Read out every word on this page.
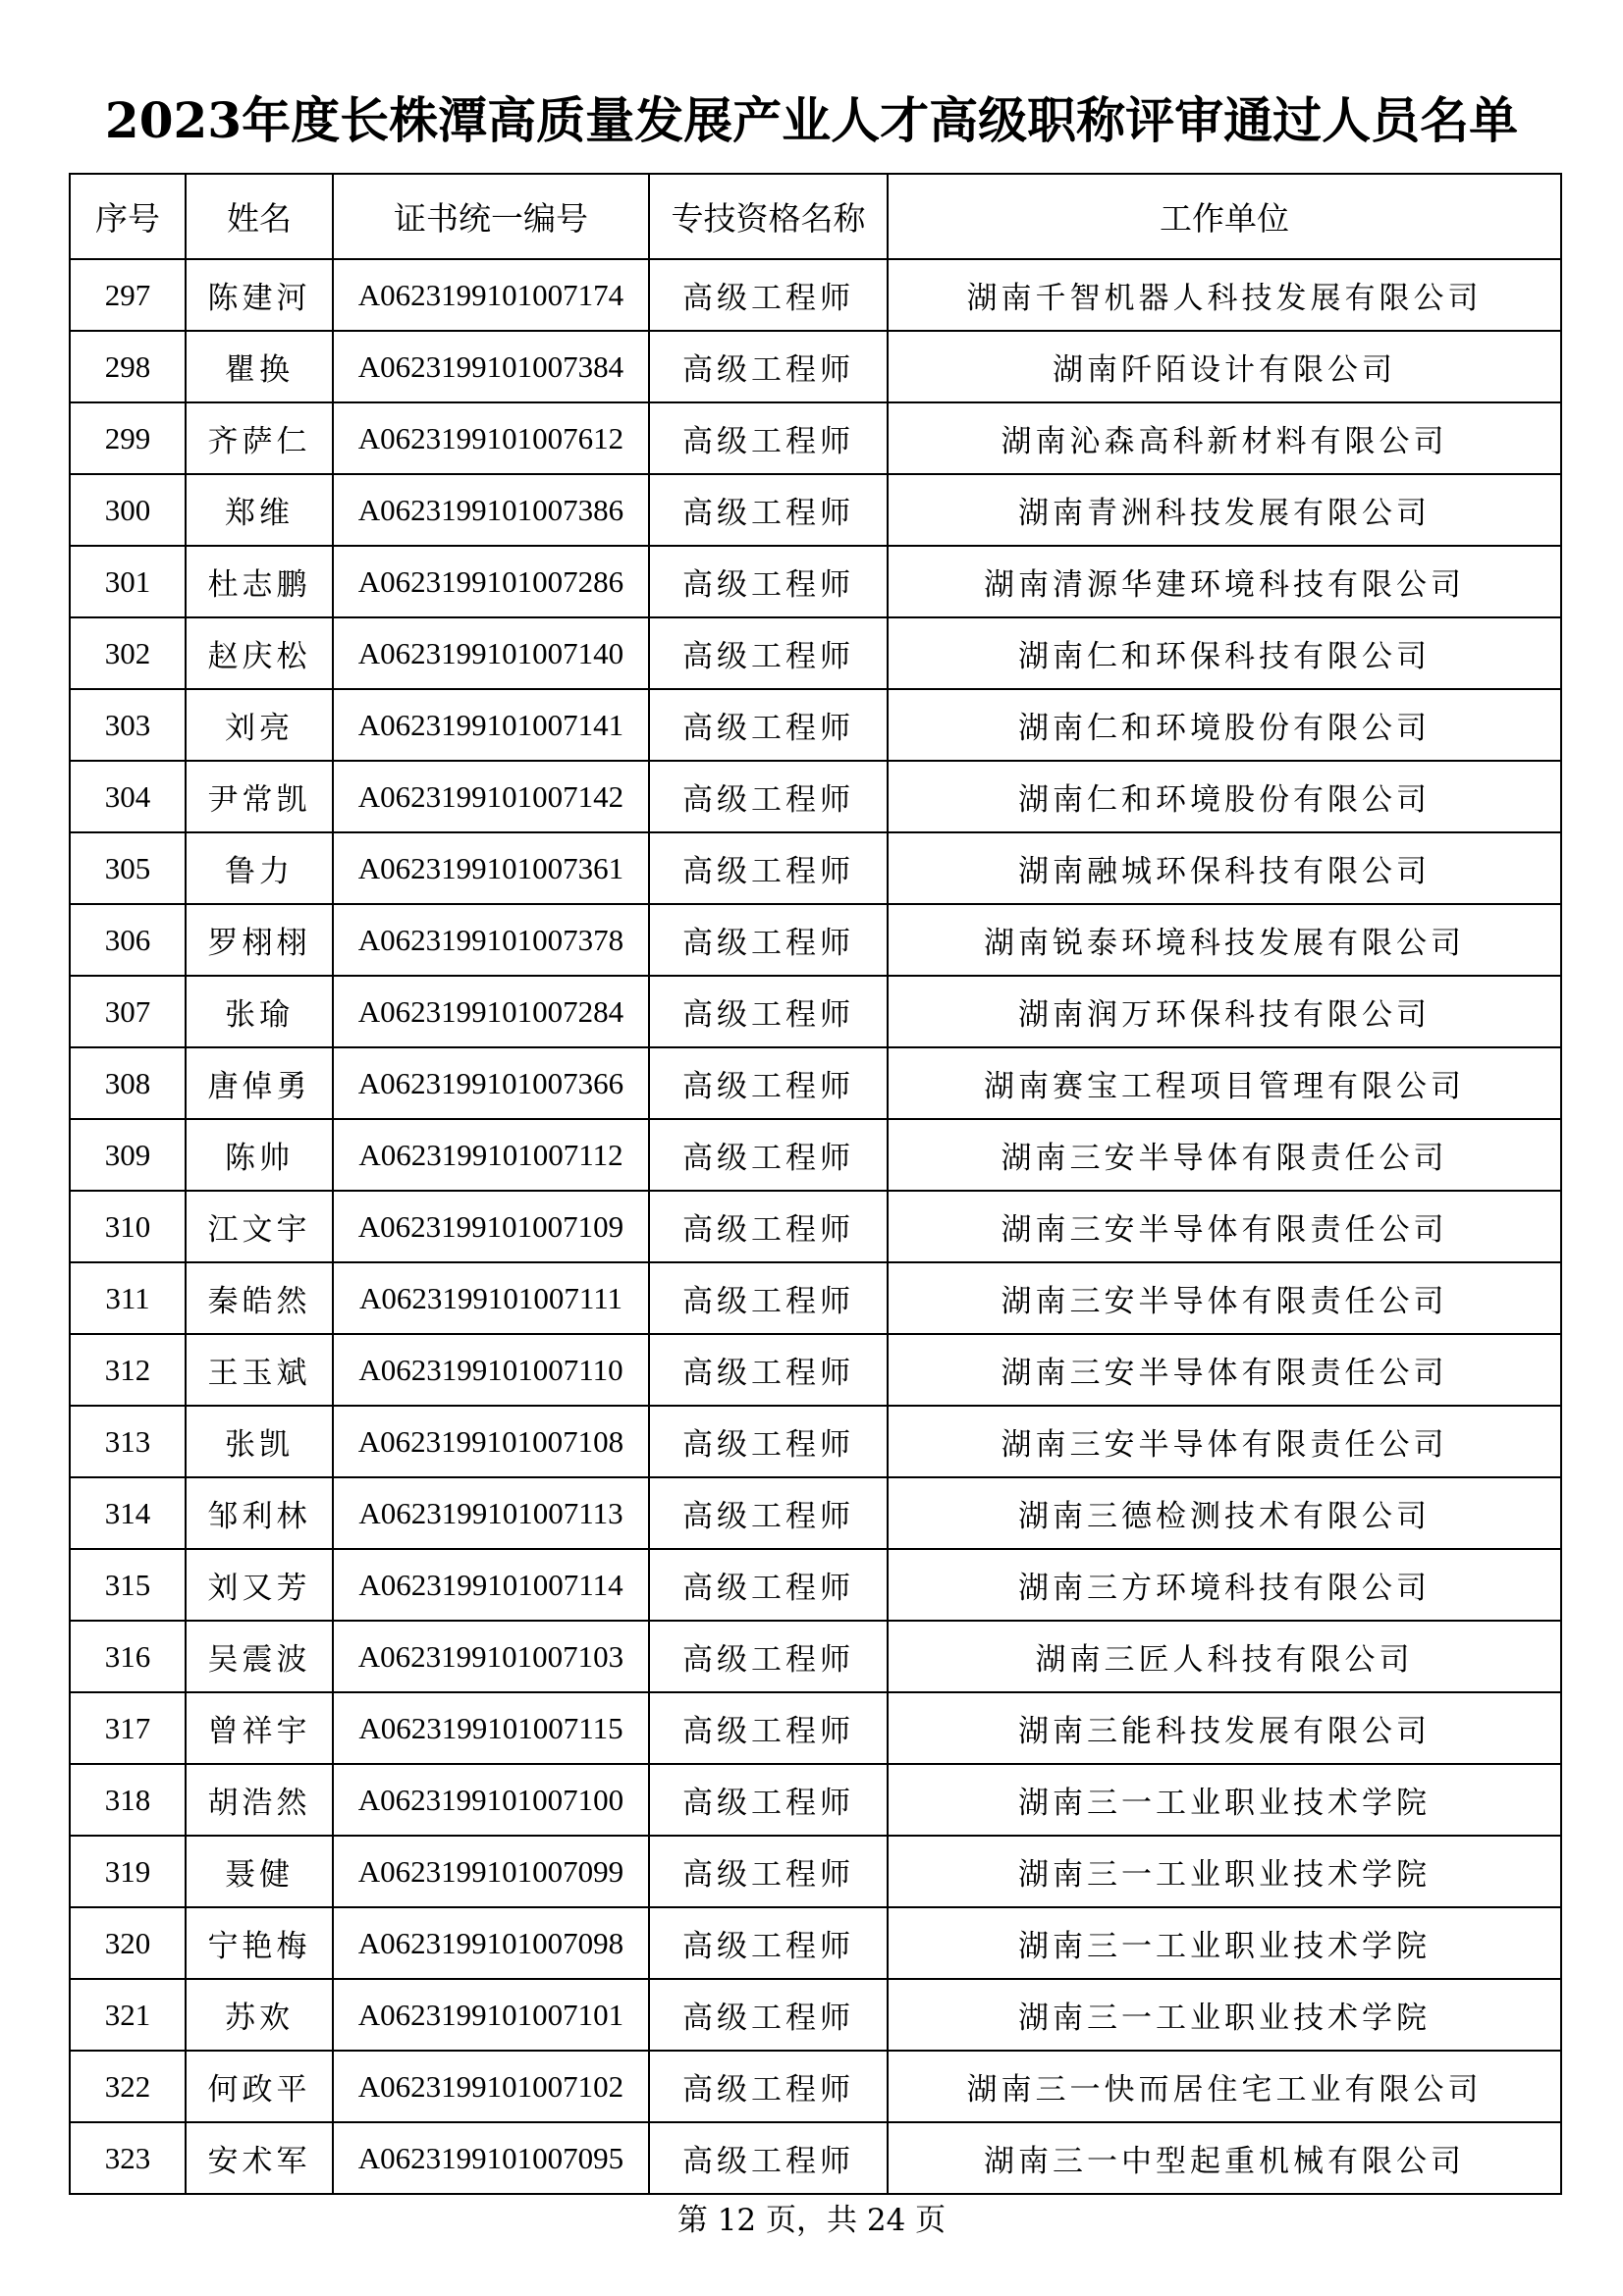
2023年度长株潭高质量发展产业人才高级职称评审通过人员名单
序号	姓名	证书统一编号	专技资格名称	工作单位
297	陈建河	A0623199101007174	高级工程师	湖南千智机器人科技发展有限公司
298	瞿换	A0623199101007384	高级工程师	湖南阡陌设计有限公司
299	齐萨仁	A0623199101007612	高级工程师	湖南沁森高科新材料有限公司
300	郑维	A0623199101007386	高级工程师	湖南青洲科技发展有限公司
301	杜志鹏	A0623199101007286	高级工程师	湖南清源华建环境科技有限公司
302	赵庆松	A0623199101007140	高级工程师	湖南仁和环保科技有限公司
303	刘亮	A0623199101007141	高级工程师	湖南仁和环境股份有限公司
304	尹常凯	A0623199101007142	高级工程师	湖南仁和环境股份有限公司
305	鲁力	A0623199101007361	高级工程师	湖南融城环保科技有限公司
306	罗栩栩	A0623199101007378	高级工程师	湖南锐泰环境科技发展有限公司
307	张瑜	A0623199101007284	高级工程师	湖南润万环保科技有限公司
308	唐倬勇	A0623199101007366	高级工程师	湖南赛宝工程项目管理有限公司
309	陈帅	A0623199101007112	高级工程师	湖南三安半导体有限责任公司
310	江文宇	A0623199101007109	高级工程师	湖南三安半导体有限责任公司
311	秦皓然	A0623199101007111	高级工程师	湖南三安半导体有限责任公司
312	王玉斌	A0623199101007110	高级工程师	湖南三安半导体有限责任公司
313	张凯	A0623199101007108	高级工程师	湖南三安半导体有限责任公司
314	邹利林	A0623199101007113	高级工程师	湖南三德检测技术有限公司
315	刘又芳	A0623199101007114	高级工程师	湖南三方环境科技有限公司
316	吴震波	A0623199101007103	高级工程师	湖南三匠人科技有限公司
317	曾祥宇	A0623199101007115	高级工程师	湖南三能科技发展有限公司
318	胡浩然	A0623199101007100	高级工程师	湖南三一工业职业技术学院
319	聂健	A0623199101007099	高级工程师	湖南三一工业职业技术学院
320	宁艳梅	A0623199101007098	高级工程师	湖南三一工业职业技术学院
321	苏欢	A0623199101007101	高级工程师	湖南三一工业职业技术学院
322	何政平	A0623199101007102	高级工程师	湖南三一快而居住宅工业有限公司
323	安术军	A0623199101007095	高级工程师	湖南三一中型起重机械有限公司
第 12 页，共 24 页
